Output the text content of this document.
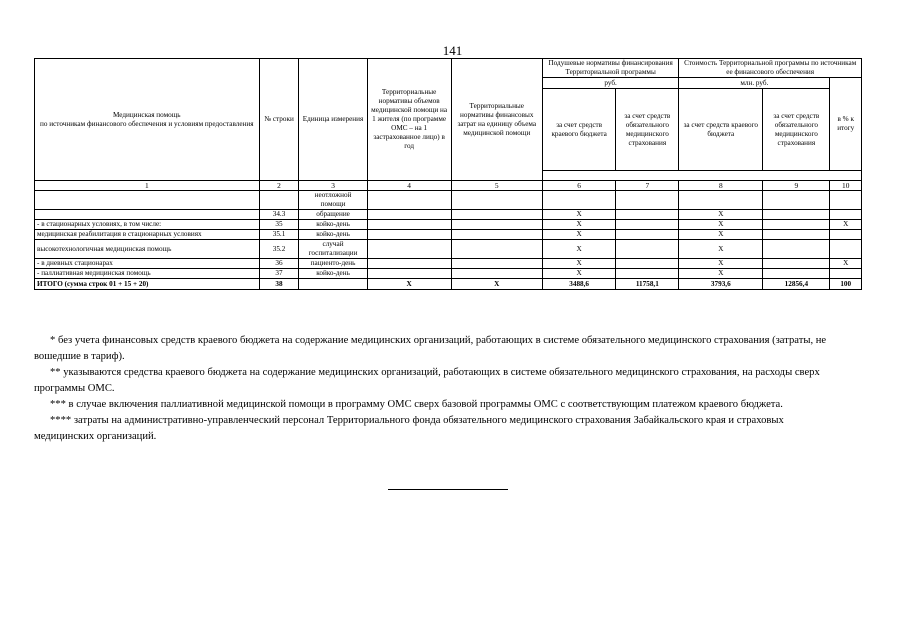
141
Медицинская помощь
по источникам финансового обеспечения и условиям предоставления	№ строки	Единица измерения	Территориальные нормативы объемов медицинской помощи на 1 жителя (по программе ОМС – на 1 застрахованное лицо) в год	Территориальные нормативы финансовых затрат на единицу объема медицинской помощи	Подушевые нормативы финансирования Территориальной программы		Стоимость Территориальной программы по источникам ее финансового обеспечения		
					руб.		млн. руб.		в % к итогу
					за счет средств краевого бюджета	за счет средств обязательного медицинского страхования	за счет средств краевого бюджета	за счет средств обязательного медицинского страхования	

1	2	3	4	5	6	7	8	9	10
		неотложной помощи							
	34.3	обращение			X		X		
- в стационарных условиях, в том числе:	35	койко-день			X		X		X
медицинская реабилитация в стационарных условиях	35.1	койко-день			X		X		
высокотехнологичная медицинская помощь	35.2	случай госпитализации			X		X		
- в дневных стационарах	36	пациенто-день			X		X		X
- паллиативная медицинская помощь	37	койко-день			X		X		
ИТОГО (сумма строк 01 + 15 + 20)	38		X	X	3488,6	11758,1	3793,6	12856,4	100

* без учета финансовых средств краевого бюджета на содержание медицинских организаций, работающих в системе обязательного медицинского страхования (затраты, не вошедшие в тариф).

** указываются средства краевого бюджета на содержание медицинских организаций, работающих в системе обязательного медицинского страхования, на расходы сверх программы ОМС.

*** в случае включения паллиативной медицинской помощи в программу ОМС сверх базовой программы ОМС с соответствующим платежом краевого бюджета.

**** затраты на административно-управленческий персонал Территориального фонда обязательного медицинского страхования Забайкальского края и страховых медицинских организаций.
